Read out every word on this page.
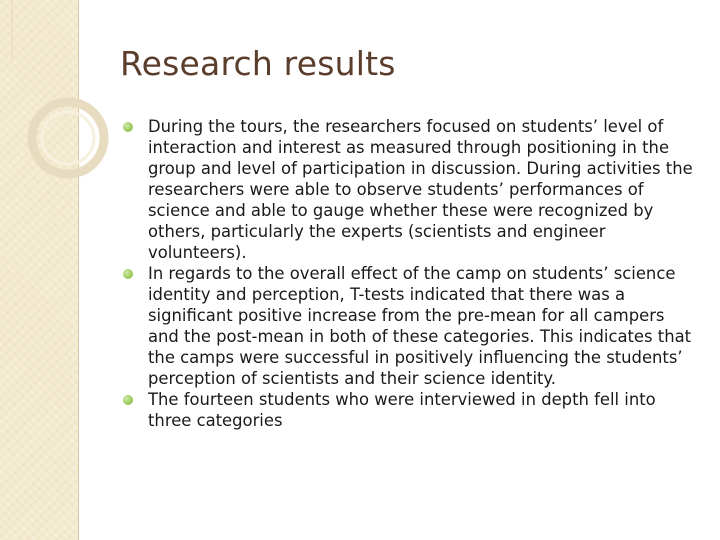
Research results
During the tours, the researchers focused on students’ level of interaction and interest as measured through positioning in the group and level of participation in discussion. During activities the researchers were able to observe students’ performances of science and able to gauge whether these were recognized by others, particularly the experts (scientists and engineer volunteers).
In regards to the overall effect of the camp on students’ science identity and perception, T-tests indicated that there was a significant positive increase from the pre-mean for all campers and the post-mean in both of these categories. This indicates that the camps were successful in positively influencing the students’ perception of scientists and their science identity.
The fourteen students who were interviewed in depth fell into three categories
